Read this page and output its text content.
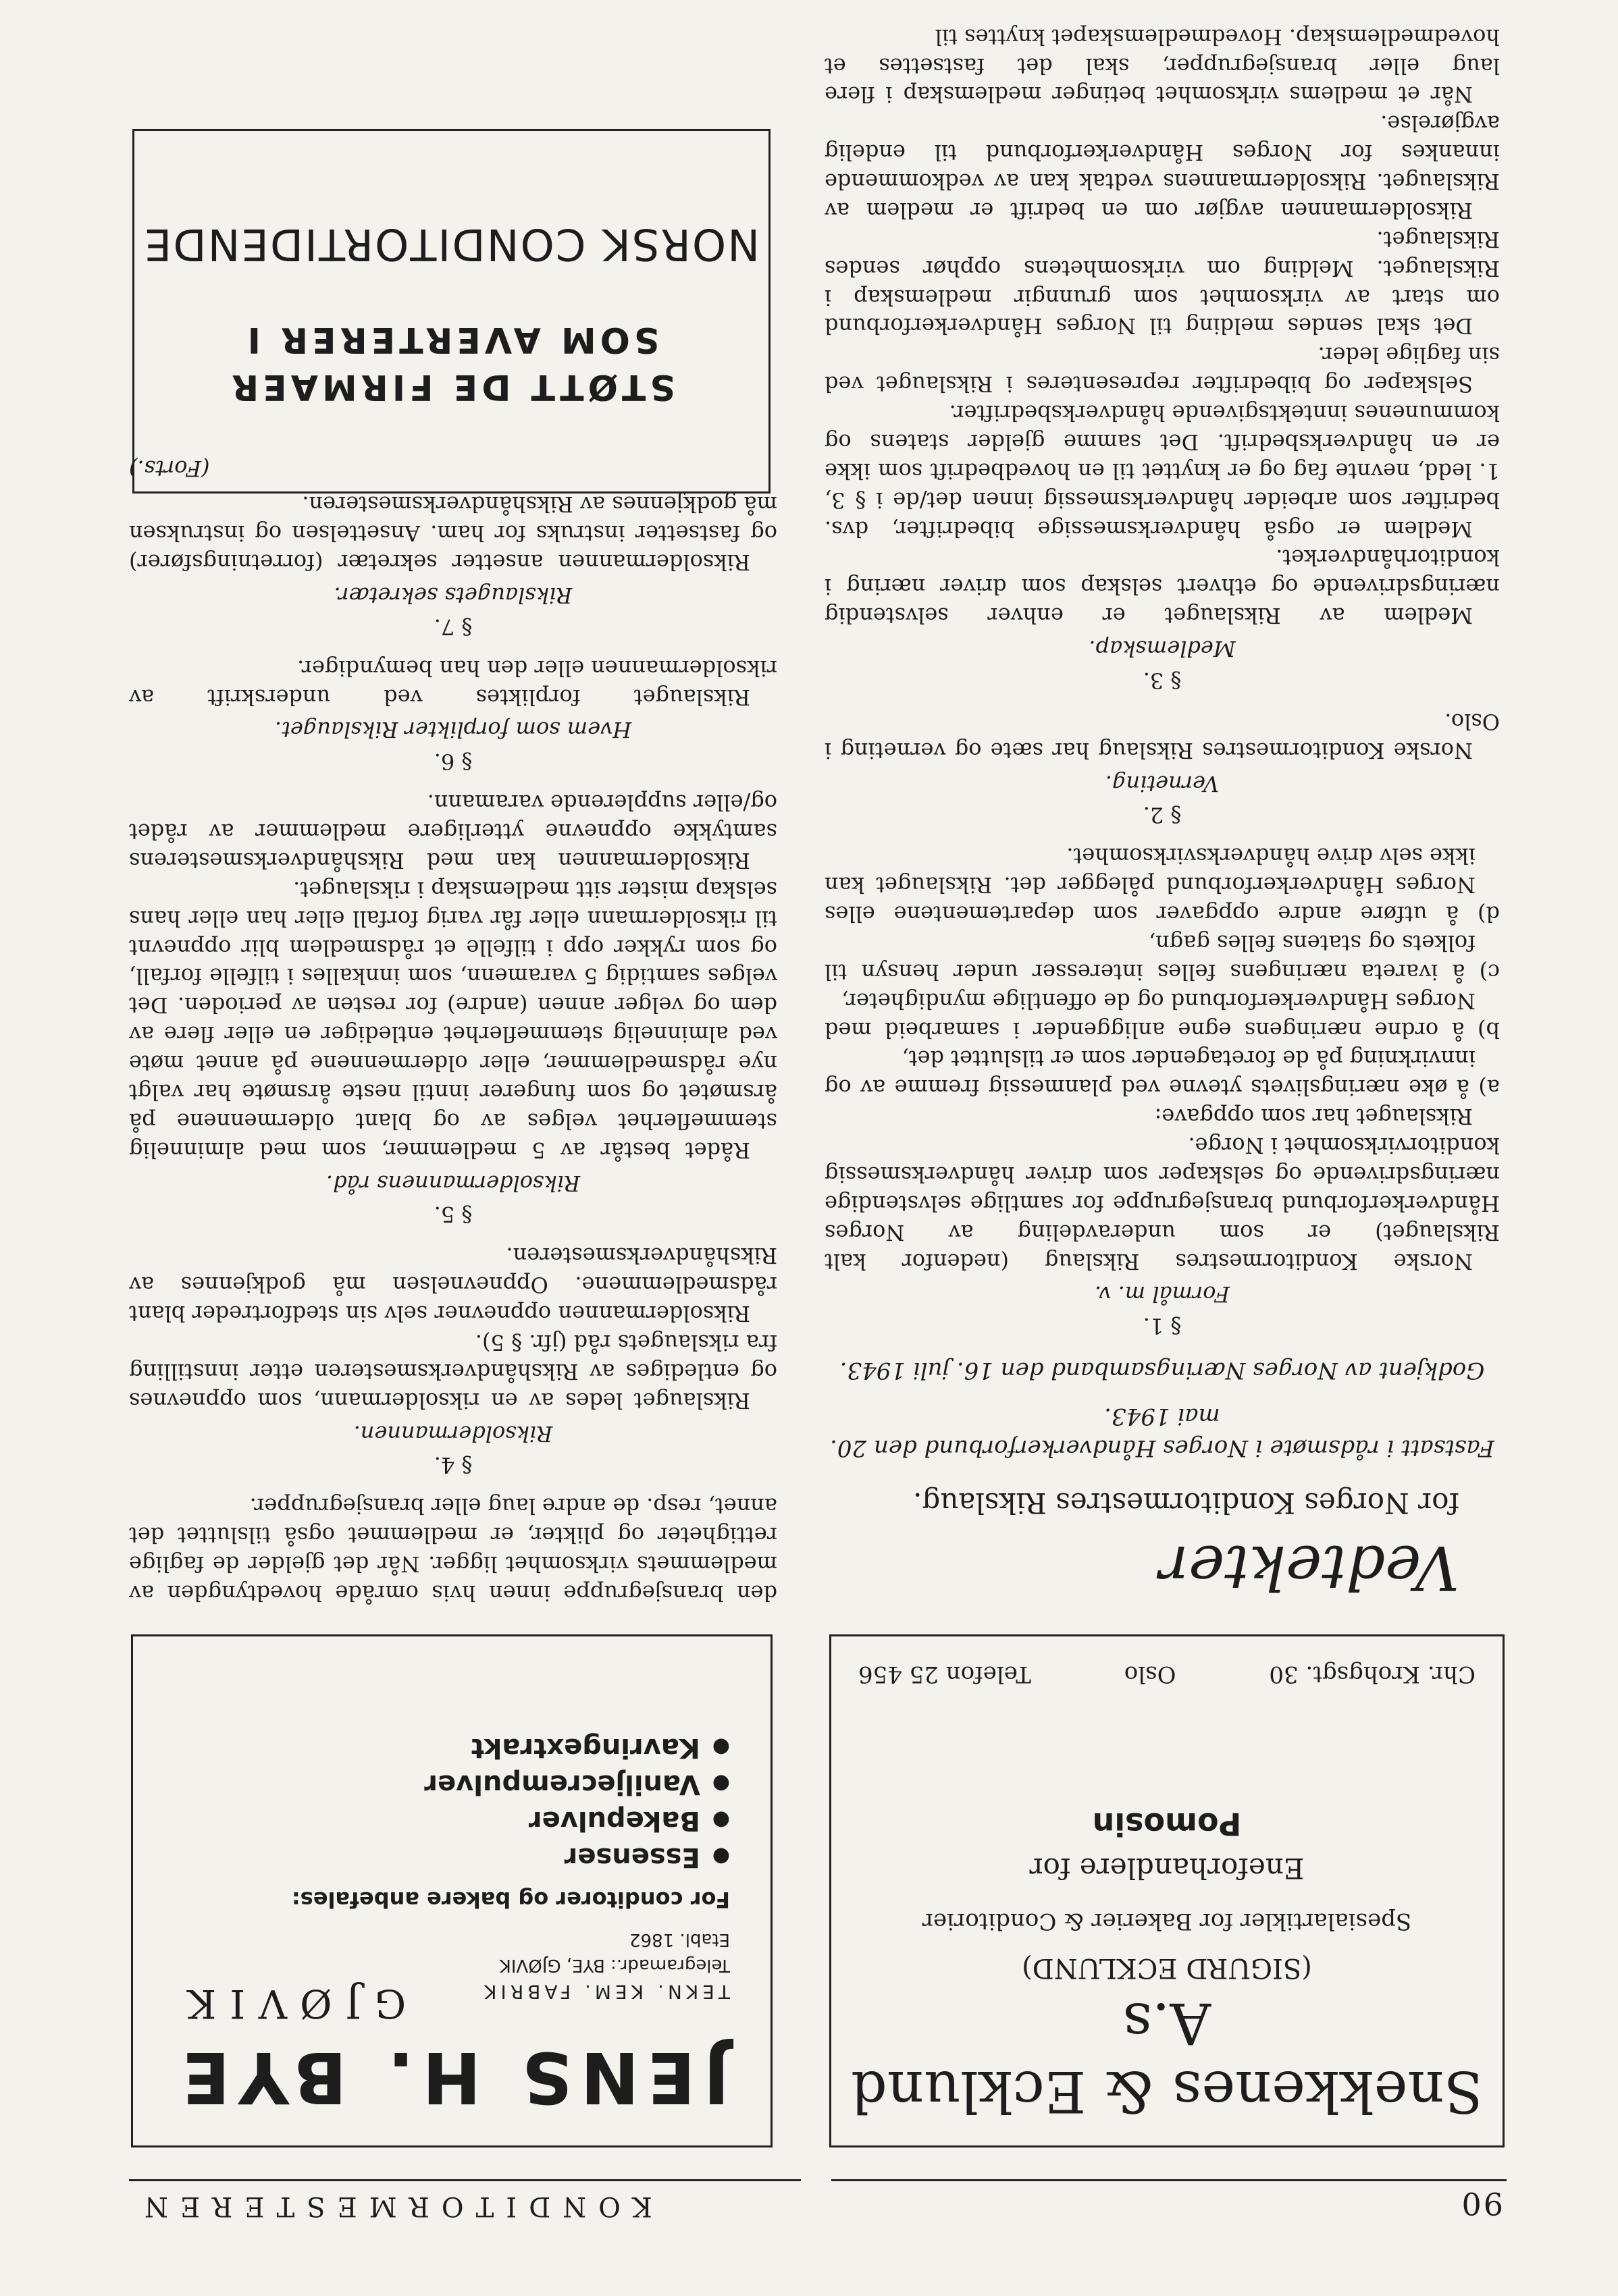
90
KONDITORMESTEREN
Snekkenes & Ecklund A.s
(SIGURD ECKLUND)
Spesialartikler for Bakerier & Conditorier
Eneforhandlere for
Pomosin
Chr. Krohgsgt. 30
Oslo
Telefon 25 456
JENS H. BYE
TEKN. KEM. FABRIK
GJØVIK
Telegramadr.: BYE, GJØVIK
Etabl. 1862
For conditorer og bakere anbefales:
● Essenser
● Bakepulver
● Vaniljecrempulver
● Kavringextrakt
Vedtekter
for Norges Konditormestres Rikslaug.
Fastsatt i rådsmøte i Norges Håndverkerforbund den 20. mai 1943.
Godkjent av Norges Næringsamband den 16. juli 1943.
§ 1.
Formål m. v.

Norske Konditormestres Rikslaug (nedenfor kalt Rikslauget) er som underavdeling av Norges Håndverkerforbund bransjegruppe for samtlige selvstendige næringsdrivende og selskaper som driver håndverksmessig konditorvirksomhet i Norge.

Rikslauget har som oppgave:

a) å øke næringslivets ytevne ved planmessig fremme av og innvirkning på de foretagender som er tilsluttet det,

b) å ordne næringens egne anliggender i samarbeid med Norges Håndverkerforbund og de offentlige myndigheter,

c) å ivareta næringens felles interesser under hensyn til folkets og statens felles gagn,

d) å utføre andre oppgaver som departementene elles Norges Håndverkerforbund pålegger det. Rikslauget kan ikke selv drive håndverksvirksomhet.

§ 2.
Verneting.

Norske Konditormestres Rikslaug har sæte og verneting i Oslo.

§ 3.
Medlemskap.

Medlem av Rikslauget er enhver selvstendig næringsdrivende og ethvert selskap som driver næring i konditorhåndverket.

Medlem er også håndverksmessige bibedrifter, dvs. bedrifter som arbeider håndverksmessig innen det/de i § 3, 1. ledd, nevnte fag og er knyttet til en hovedbedrift som ikke er en håndverksbedrift. Det samme gjelder statens og kommunenes inntektsgivende håndverksbedrifter.

Selskaper og bibedrifter representeres i Rikslauget ved sin faglige leder.

Det skal sendes melding til Norges Håndverkerforbund om start av virksomhet som grunngir medlemskap i Rikslauget. Melding om virksomhetens opphør sendes Rikslauget.

Riksoldermannen avgjør om en bedrift er medlem av Rikslauget. Riksoldermannens vedtak kan av vedkommende innankes for Norges Håndverkerforbund til endelig avgjørelse.

Når et medlems virksomhet betinger medlemskap i flere laug eller bransjegrupper, skal det fastsettes et hovedmedlemskap. Hovedmedlemskapet knyttes til

den bransjegruppe innen hvis område hovedtyngden av medlemmets virksomhet ligger. Når det gjelder de faglige rettigheter og plikter, er medlemmet også tilsluttet det annet, resp. de andre laug eller bransjegrupper.

§ 4.
Riksoldermannen.

Rikslauget ledes av en riksoldermann, som oppnevnes og entlediges av Rikshåndverksmesteren etter innstilling fra rikslaugets råd (jfr. § 5).

Riksoldermannen oppnevner selv sin stedfortreder blant rådsmedlemmene. Oppnevnelsen må godkjennes av Rikshåndverksmesteren.

§ 5.
Riksoldermannens råd.

Rådet består av 5 medlemmer, som med alminnelig stemmeflerhet velges av og blant oldermennene på årsmøtet og som fungerer inntil neste årsmøte har valgt nye rådsmedlemmer, eller oldermennene på annet møte ved alminnelig stemmeflerhet entlediger en eller flere av dem og velger annen (andre) for resten av perioden. Det velges samtidig 5 varamenn, som innkalles i tilfelle forfall, og som rykker opp i tilfelle et rådsmedlem blir oppnevnt til riksoldermann eller får varig forfall eller han eller hans selskap mister sitt medlemskap i rikslauget.

Riksoldermannen kan med Rikshåndverksmesterens samtykke oppnevne ytterligere medlemmer av rådet og/eller supplerende varamann.

§ 6.
Hvem som forplikter Rikslauget.

Rikslauget forpliktes ved underskrift av riksoldermannen eller den han bemyndiger.

§ 7.
Rikslaugets sekretær.

Riksoldermannen ansetter sekretær (forretningsfører) og fastsetter instruks for ham. Ansettelsen og instruksen må godkjennes av Rikshåndverksmesteren.

(Forts.)
STØTT DE FIRMAER
SOM AVERTERER I
NORSK CONDITORTIDENDE
